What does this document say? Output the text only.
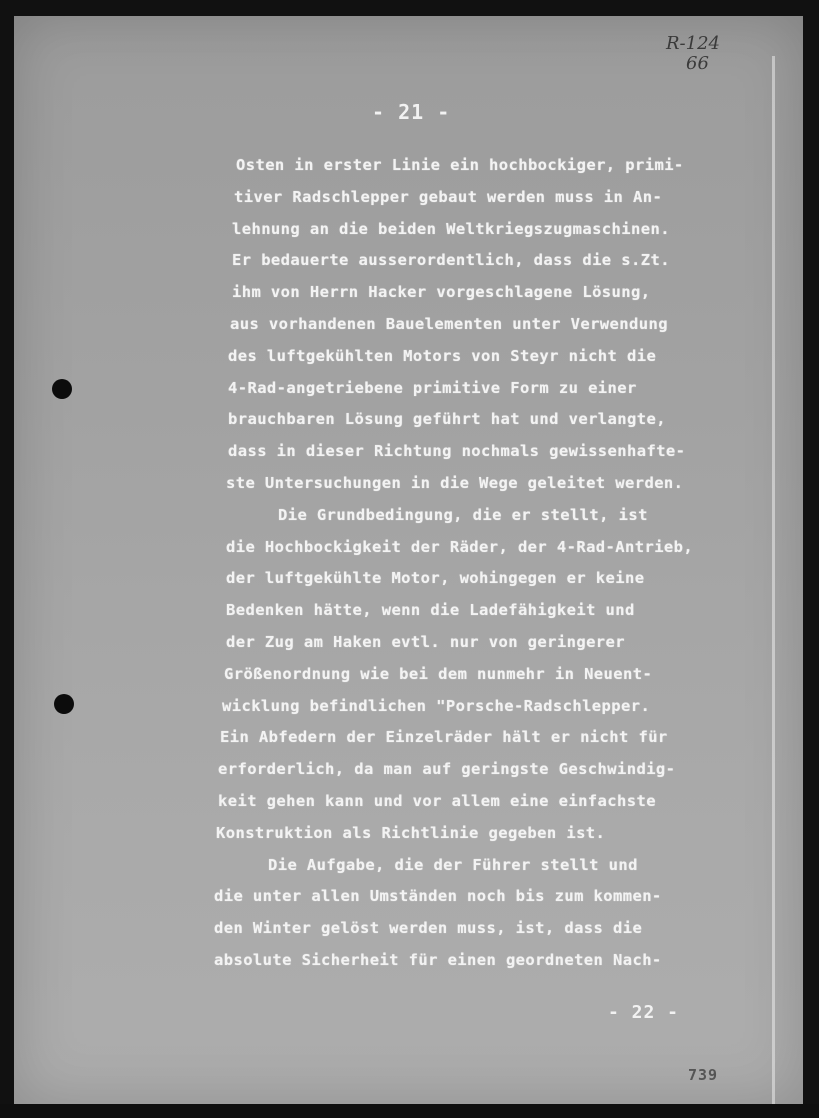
R-124
66
- 21 -
Osten in erster Linie ein hochbockiger, primi-
tiver Radschlepper gebaut werden muss in An-
lehnung an die beiden Weltkriegszugmaschinen.
Er bedauerte ausserordentlich, dass die s.Zt.
ihm von Herrn Hacker vorgeschlagene Lösung,
aus vorhandenen Bauelementen unter Verwendung
des luftgekühlten Motors von Steyr nicht die
4-Rad-angetriebene primitive Form zu einer
brauchbaren Lösung geführt hat und verlangte,
dass in dieser Richtung nochmals gewissenhafte-
ste Untersuchungen in die Wege geleitet werden.
Die Grundbedingung, die er stellt, ist
die Hochbockigkeit der Räder, der 4-Rad-Antrieb,
der luftgekühlte Motor, wohingegen er keine
Bedenken hätte, wenn die Ladefähigkeit und
der Zug am Haken evtl. nur von geringerer
Größenordnung wie bei dem nunmehr in Neuent-
wicklung befindlichen "Porsche-Radschlepper.
Ein Abfedern der Einzelräder hält er nicht für
erforderlich, da man auf geringste Geschwindig-
keit gehen kann und vor allem eine einfachste
Konstruktion als Richtlinie gegeben ist.
Die Aufgabe, die der Führer stellt und
die unter allen Umständen noch bis zum kommen-
den Winter gelöst werden muss, ist, dass die
absolute Sicherheit für einen geordneten Nach-
- 22 -
739
